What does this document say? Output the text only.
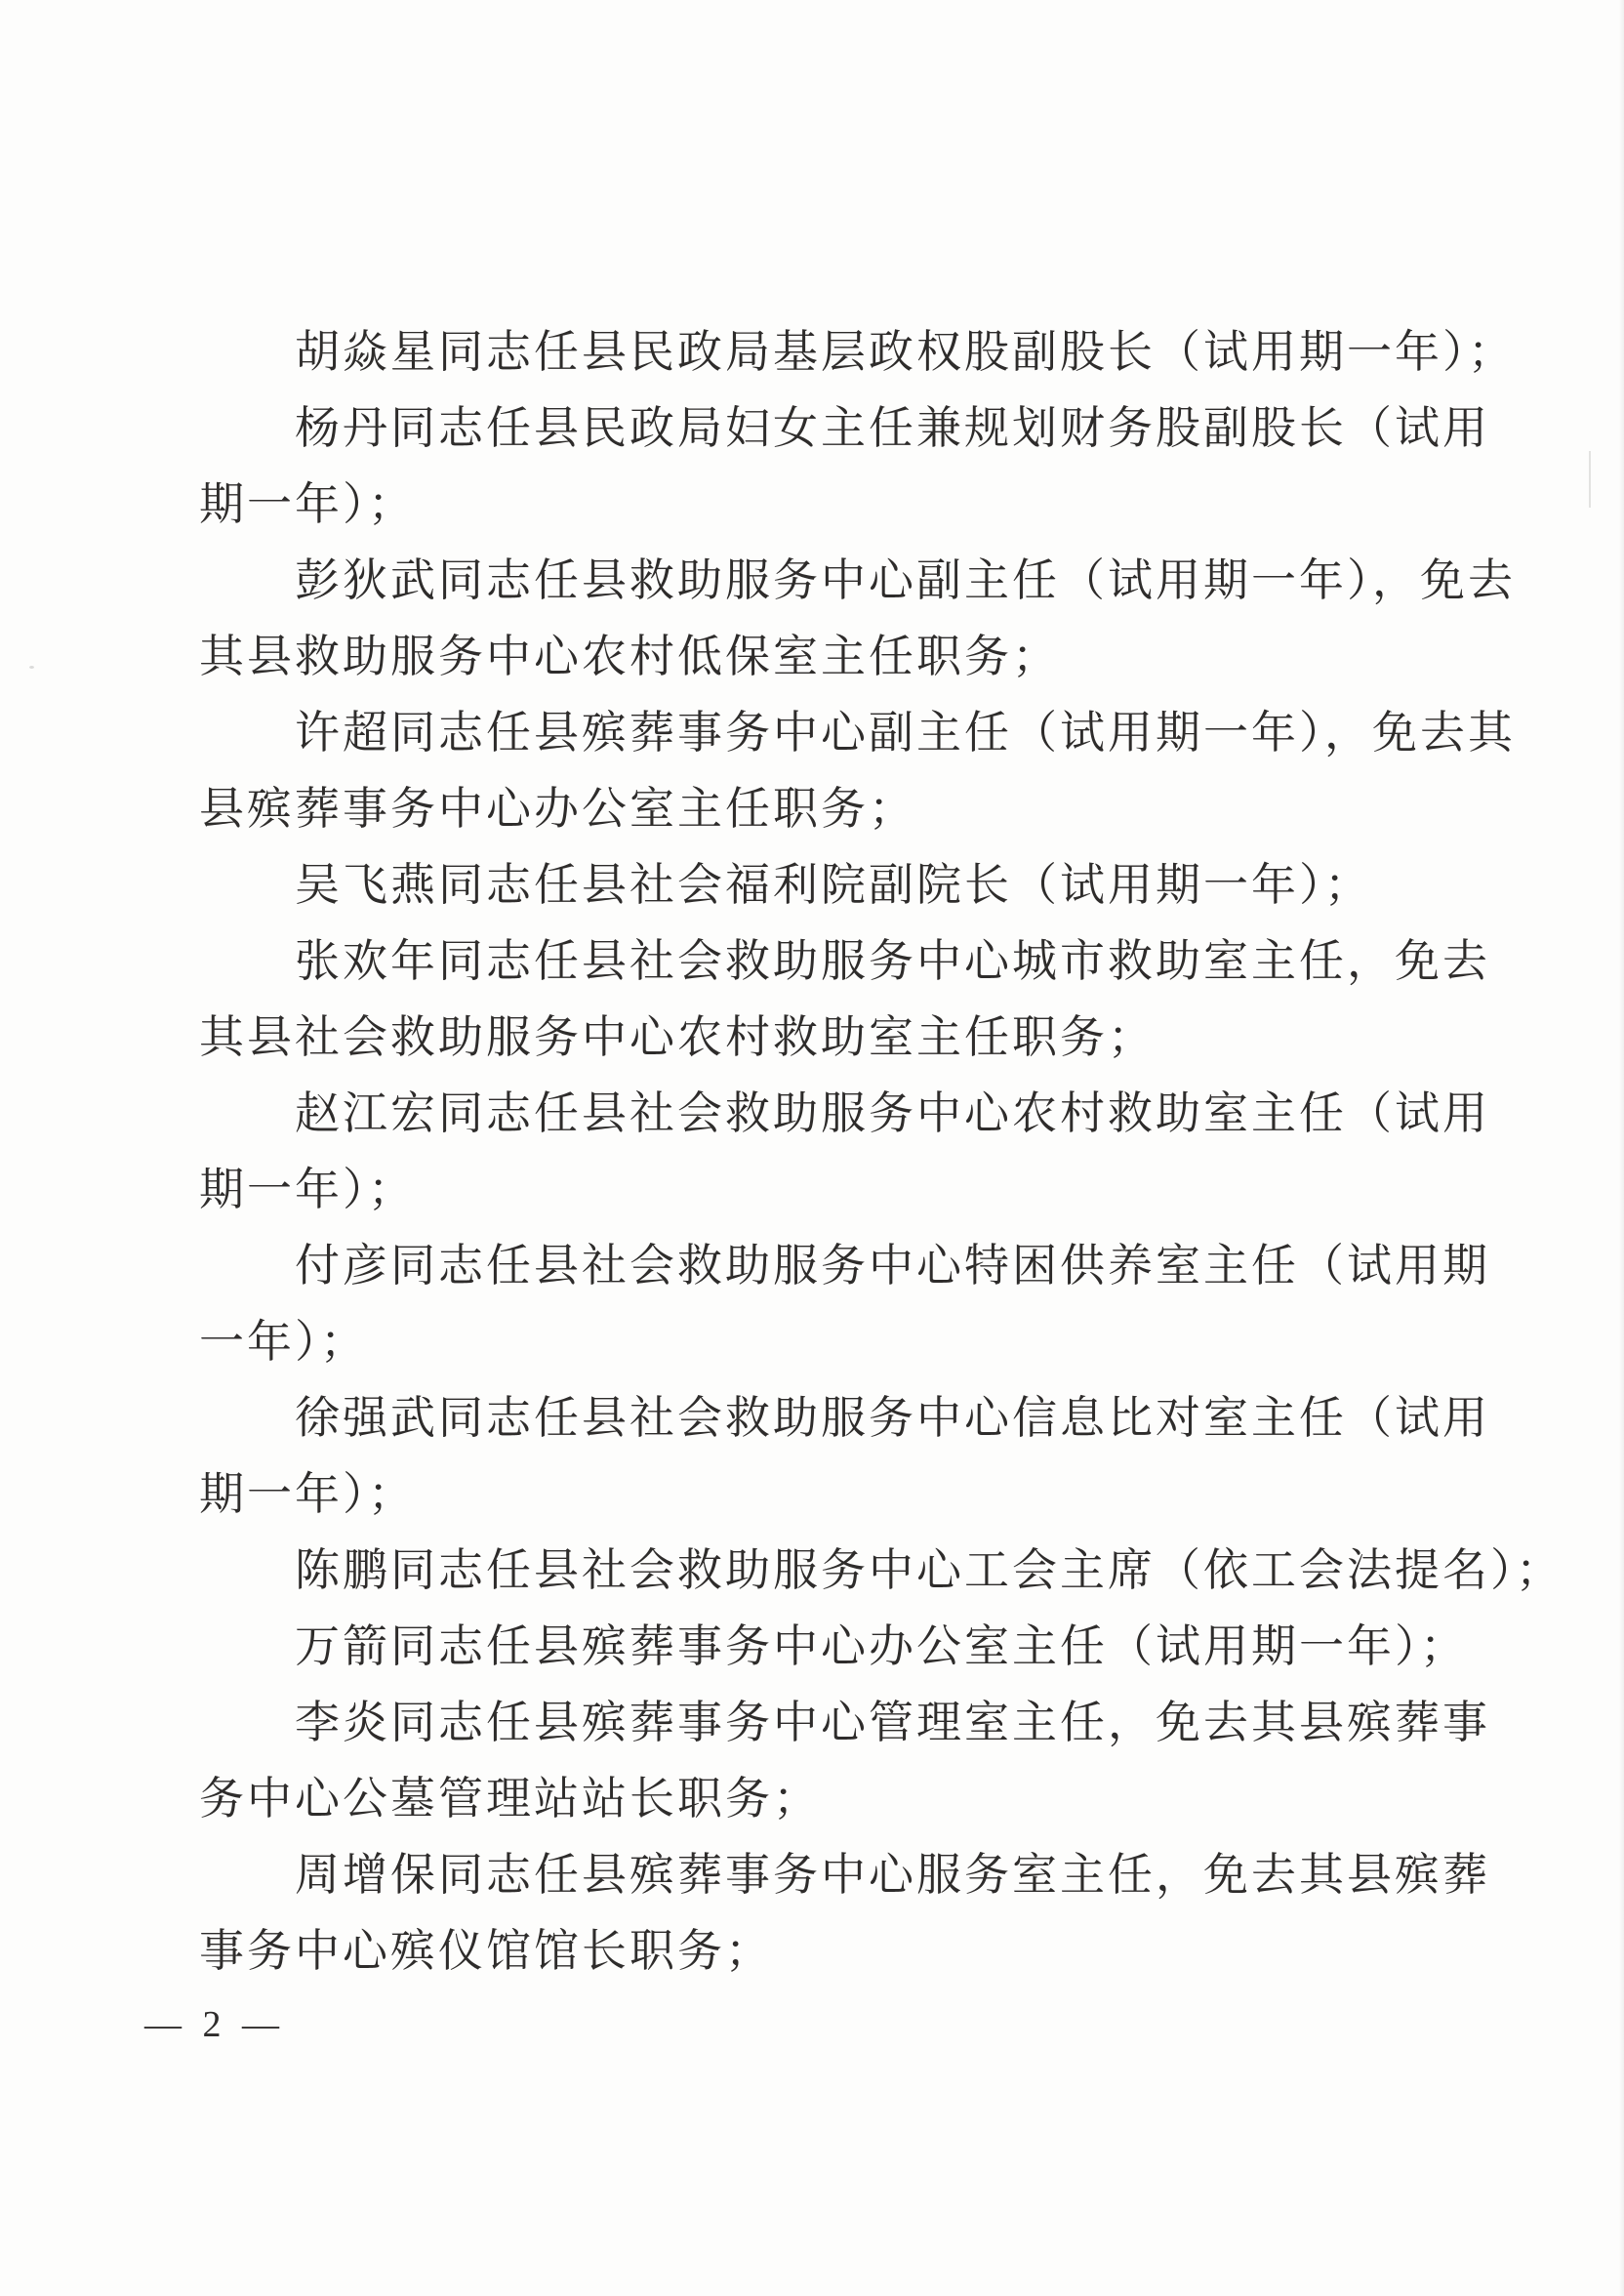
胡焱星同志任县民政局基层政权股副股长（试用期一年）；

杨丹同志任县民政局妇女主任兼规划财务股副股长（试用

期一年）；

彭狄武同志任县救助服务中心副主任（试用期一年），免去

其县救助服务中心农村低保室主任职务；

许超同志任县殡葬事务中心副主任（试用期一年），免去其

县殡葬事务中心办公室主任职务；

吴飞燕同志任县社会福利院副院长（试用期一年）；

张欢年同志任县社会救助服务中心城市救助室主任，免去

其县社会救助服务中心农村救助室主任职务；

赵江宏同志任县社会救助服务中心农村救助室主任（试用

期一年）；

付彦同志任县社会救助服务中心特困供养室主任（试用期

一年）；

徐强武同志任县社会救助服务中心信息比对室主任（试用

期一年）；

陈鹏同志任县社会救助服务中心工会主席（依工会法提名）；

万箭同志任县殡葬事务中心办公室主任（试用期一年）；

李炎同志任县殡葬事务中心管理室主任，免去其县殡葬事

务中心公墓管理站站长职务；

周增保同志任县殡葬事务中心服务室主任，免去其县殡葬

事务中心殡仪馆馆长职务；

— 2 —
